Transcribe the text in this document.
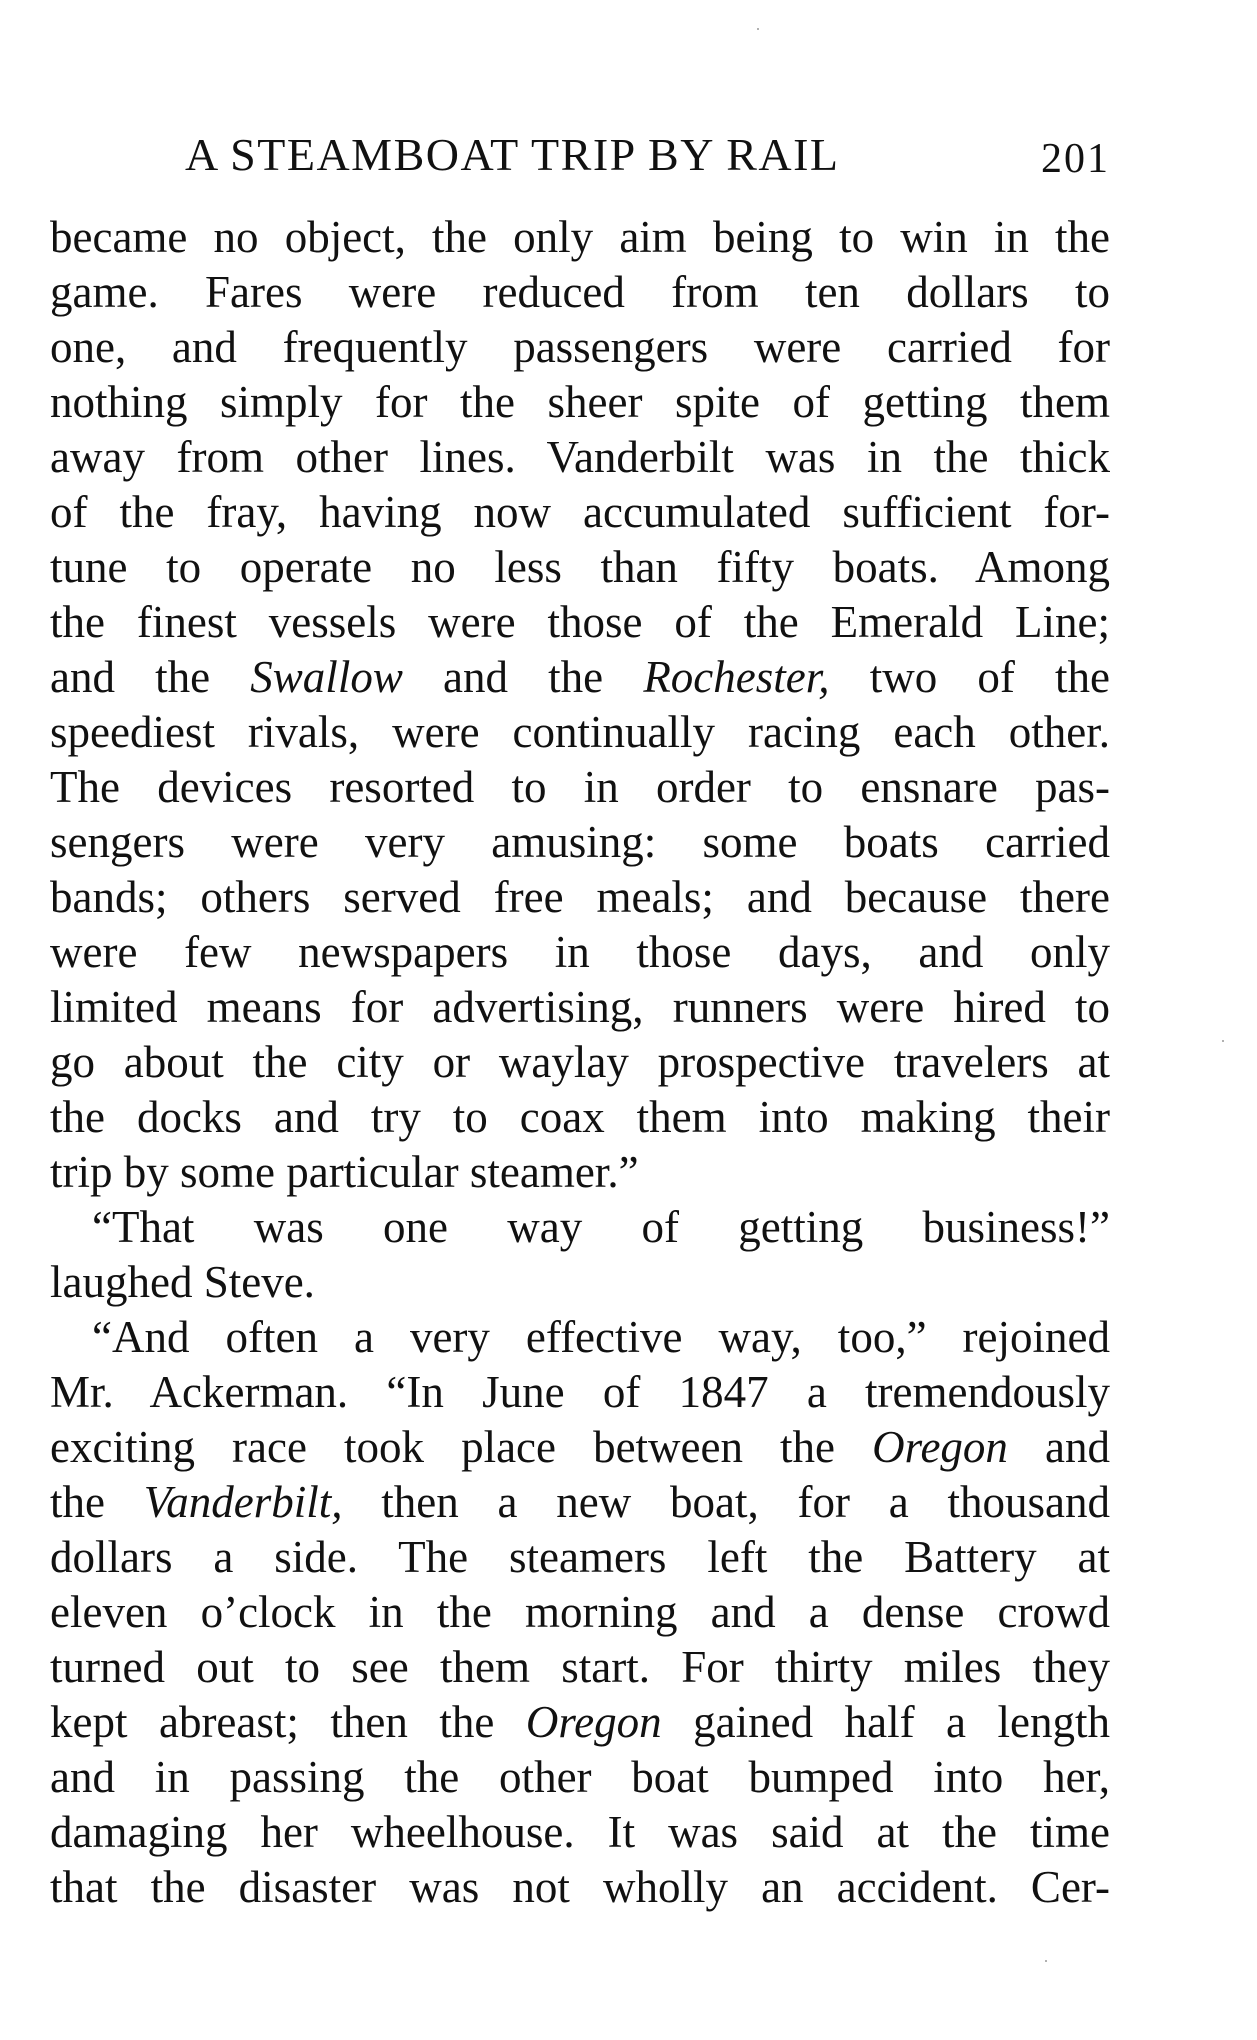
A STEAMBOAT TRIP BY RAIL	201
became no object, the only aim being to win in the
game. Fares were reduced from ten dollars to
one, and frequently passengers were carried for
nothing simply for the sheer spite of getting them
away from other lines. Vanderbilt was in the thick
of the fray, having now accumulated sufficient for-
tune to operate no less than fifty boats. Among
the finest vessels were those of the Emerald Line;
and the Swallow and the Rochester, two of the
speediest rivals, were continually racing each other.
The devices resorted to in order to ensnare pas-
sengers were very amusing: some boats carried
bands; others served free meals; and because there
were few newspapers in those days, and only
limited means for advertising, runners were hired to
go about the city or waylay prospective travelers at
the docks and try to coax them into making their
trip by some particular steamer.”
“That was one way of getting business!”
laughed Steve.
“And often a very effective way, too,” rejoined
Mr. Ackerman. “In June of 1847 a tremendously
exciting race took place between the Oregon and
the Vanderbilt, then a new boat, for a thousand
dollars a side. The steamers left the Battery at
eleven o’clock in the morning and a dense crowd
turned out to see them start. For thirty miles they
kept abreast; then the Oregon gained half a length
and in passing the other boat bumped into her,
damaging her wheelhouse. It was said at the time
that the disaster was not wholly an accident. Cer-
